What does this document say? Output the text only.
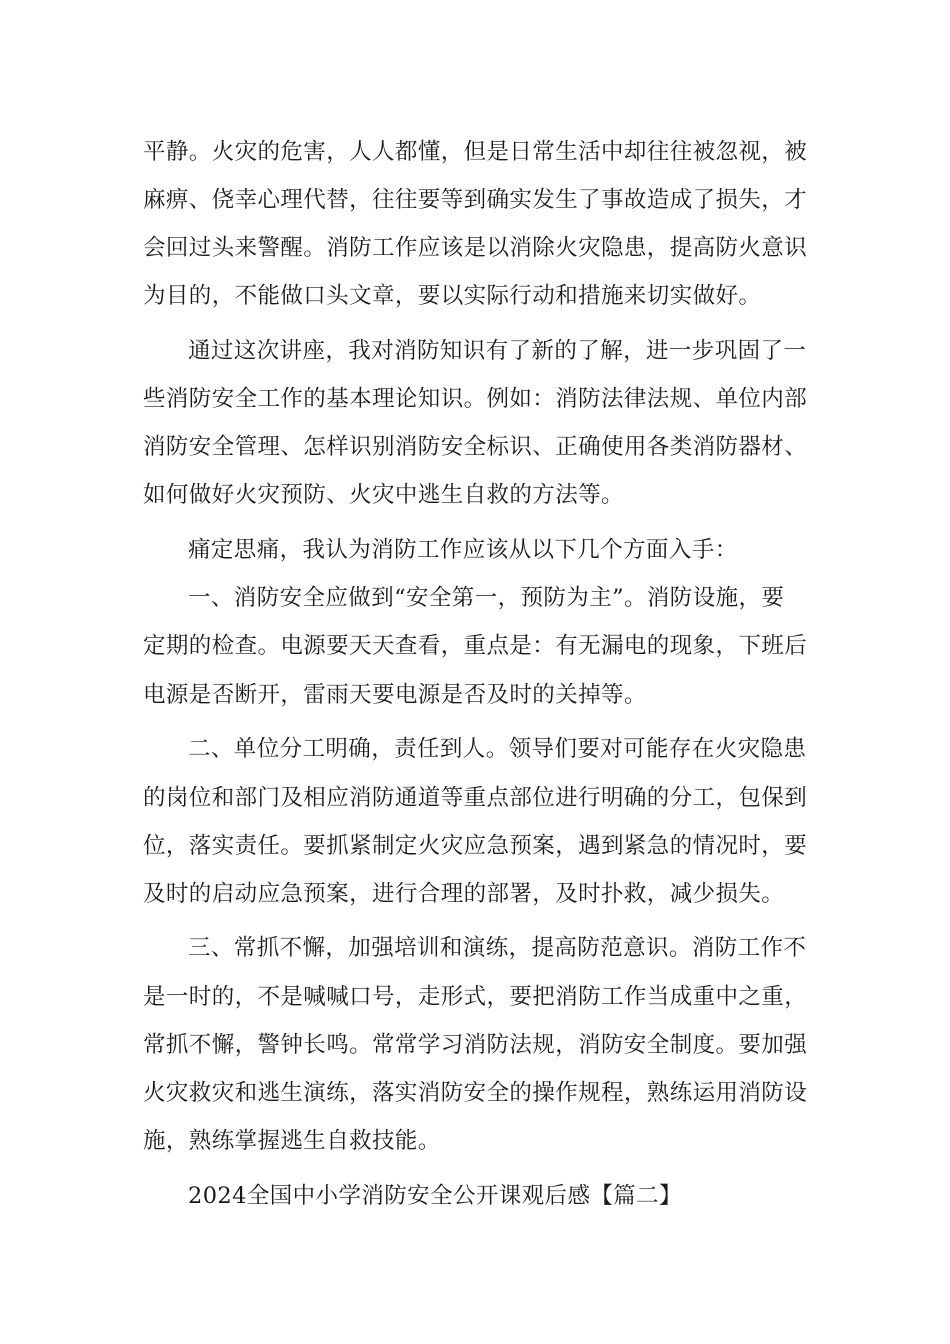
平静。火灾的危害，人人都懂，但是日常生活中却往往被忽视，被
麻痹、侥幸心理代替，往往要等到确实发生了事故造成了损失，才
会回过头来警醒。消防工作应该是以消除火灾隐患，提高防火意识
为目的，不能做口头文章，要以实际行动和措施来切实做好。
通过这次讲座，我对消防知识有了新的了解，进一步巩固了一
些消防安全工作的基本理论知识。例如：消防法律法规、单位内部
消防安全管理、怎样识别消防安全标识、正确使用各类消防器材、
如何做好火灾预防、火灾中逃生自救的方法等。
痛定思痛，我认为消防工作应该从以下几个方面入手：
一、消防安全应做到“安全第一，预防为主”。消防设施，要
定期的检查。电源要天天查看，重点是：有无漏电的现象，下班后
电源是否断开，雷雨天要电源是否及时的关掉等。
二、单位分工明确，责任到人。领导们要对可能存在火灾隐患
的岗位和部门及相应消防通道等重点部位进行明确的分工，包保到
位，落实责任。要抓紧制定火灾应急预案，遇到紧急的情况时，要
及时的启动应急预案，进行合理的部署，及时扑救，减少损失。
三、常抓不懈，加强培训和演练，提高防范意识。消防工作不
是一时的，不是喊喊口号，走形式，要把消防工作当成重中之重，
常抓不懈，警钟长鸣。常常学习消防法规，消防安全制度。要加强
火灾救灾和逃生演练，落实消防安全的操作规程，熟练运用消防设
施，熟练掌握逃生自救技能。
2024全国中小学消防安全公开课观后感【篇二】
